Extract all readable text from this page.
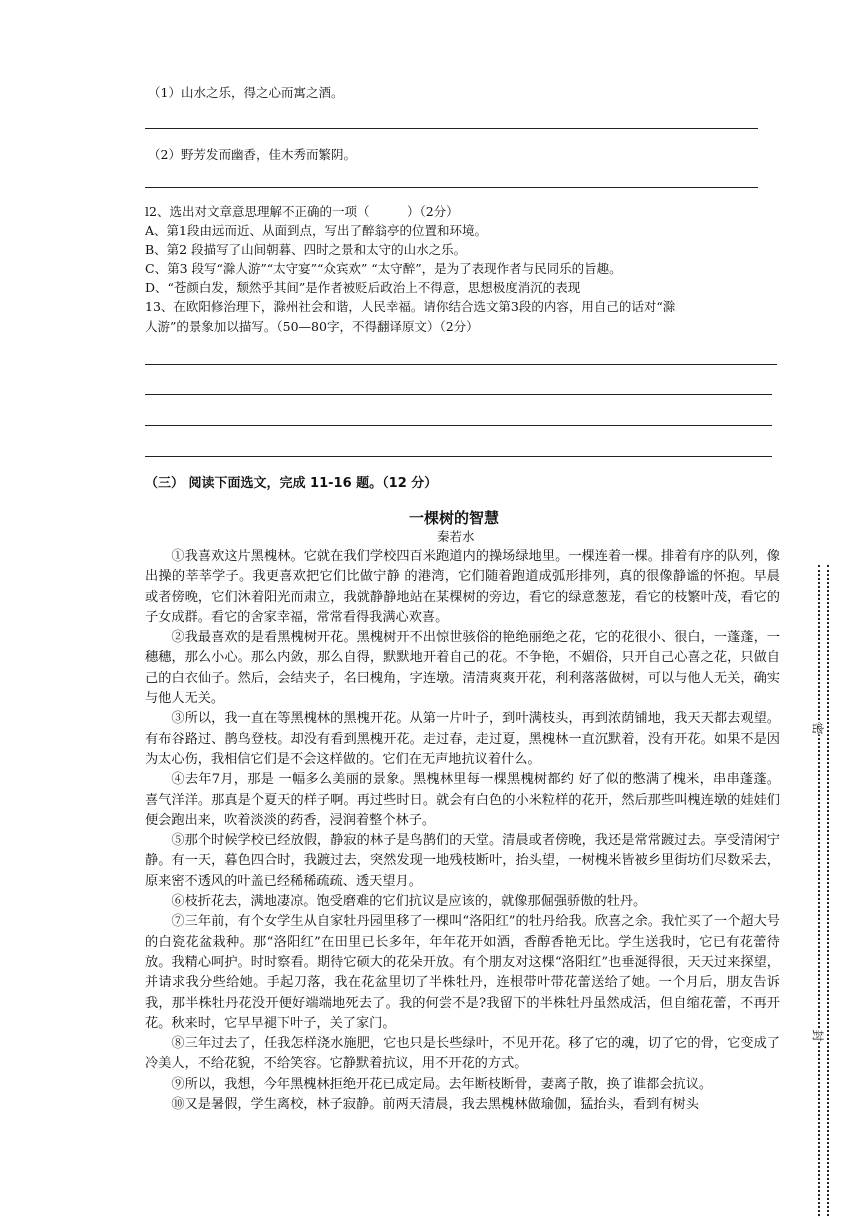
（1）山水之乐，得之心而寓之酒。
（2）野芳发而幽香，佳木秀而繁阴。
l2、选出对文章意思理解不正确的一项（　　　）（2分）
A、第1段由远而近、从面到点，写出了醉翁亭的位置和环境。
B、第2 段描写了山间朝暮、四时之景和太守的山水之乐。
C、第3 段写“滁人游”“太守宴”“众宾欢” “太守醉”，是为了表现作者与民同乐的旨趣。
D、“苍颜白发，颓然乎其间”是作者被贬后政治上不得意，思想极度消沉的表现
13、在欧阳修治理下，滁州社会和谐，人民幸福。请你结合选文第3段的内容，用自己的话对“滁
人游”的景象加以描写。（50—80字，不得翻译原文）（2分）
（三） 阅读下面选文，完成 11-16 题。（12 分）
一棵树的智慧
秦若水

①我喜欢这片黑槐林。它就在我们学校四百米跑道内的操场绿地里。一棵连着一棵。排着有序的队列，像出操的莘莘学子。我更喜欢把它们比做宁静 的港湾，它们随着跑道成弧形排列，真的很像静谧的怀抱。早晨或者傍晚，它们沐着阳光而肃立，我就静静地站在某棵树的旁边，看它的绿意葱茏，看它的枝繁叶茂，看它的子女成群。看它的舍家幸福，常常看得我满心欢喜。

②我最喜欢的是看黑槐树开花。黑槐树开不出惊世骇俗的艳绝丽绝之花，它的花很小、很白，一蓬蓬，一穗穗，那么小心。那么内敛，那么自得，默默地开着自己的花。不争艳，不媚俗，只开自己心喜之花，只做自己的白衣仙子。然后，会结夹子，名曰槐角，字连墩。清清爽爽开花，利利落落做树，可以与他人无关，确实与他人无关。

③所以，我一直在等黑槐林的黑槐开花。从第一片叶子，到叶满枝头，再到浓荫铺地，我天天都去观望。有布谷路过、鹊鸟登枝。却没有看到黑槐开花。走过春，走过夏，黑槐林一直沉默着，没有开花。如果不是因为太心伤，我相信它们是不会这样做的。它们在无声地抗议着什么。

④去年7月，那是 一幅多么美丽的景象。黑槐林里每一棵黑槐树都约 好了似的憋满了槐米，串串蓬蓬。喜气洋洋。那真是个夏天的样子啊。再过些时日。就会有白色的小米粒样的花开，然后那些叫槐连墩的娃娃们便会跑出来，吹着淡淡的药香，浸润着整个林子。

⑤那个时候学校已经放假，静寂的林子是鸟鹊们的天堂。清晨或者傍晚，我还是常常踱过去。享受清闲宁静。有一天，暮色四合时，我踱过去，突然发现一地残枝断叶，抬头望，一树槐米皆被乡里街坊们尽数采去，原来密不透风的叶盖已经稀稀疏疏、透天望月。

⑥枝折花去，满地凄凉。饱受磨难的它们抗议是应该的，就像那倔强骄傲的牡丹。

⑦三年前，有个女学生从自家牡丹园里移了一棵叫“洛阳红”的牡丹给我。欣喜之余。我忙买了一个超大号的白瓷花盆栽种。那“洛阳红”在田里已长多年，年年花开如酒，香醇香艳无比。学生送我时，它已有花蕾待放。我精心呵护。时时察看。期待它硕大的花朵开放。有个朋友对这棵“洛阳红”也垂涎得很，天天过来探望，并请求我分些给她。手起刀落，我在花盆里切了半株牡丹，连根带叶带花蕾送给了她。一个月后，朋友告诉我，那半株牡丹花没开便好端端地死去了。我的何尝不是?我留下的半株牡丹虽然成活，但自缩花蕾，不再开花。秋来时，它早早褪下叶子，关了家门。

⑧三年过去了，任我怎样浇水施肥，它也只是长些绿叶，不见开花。移了它的魂，切了它的骨，它变成了冷美人，不给花貌，不给笑容。它静默着抗议，用不开花的方式。

⑨所以，我想，今年黑槐林拒绝开花已成定局。去年断枝断骨，妻离子散，换了谁都会抗议。

⑩又是暑假，学生离校，林子寂静。前两天清晨，我去黑槐林做瑜伽，猛抬头，看到有树头

密
封
